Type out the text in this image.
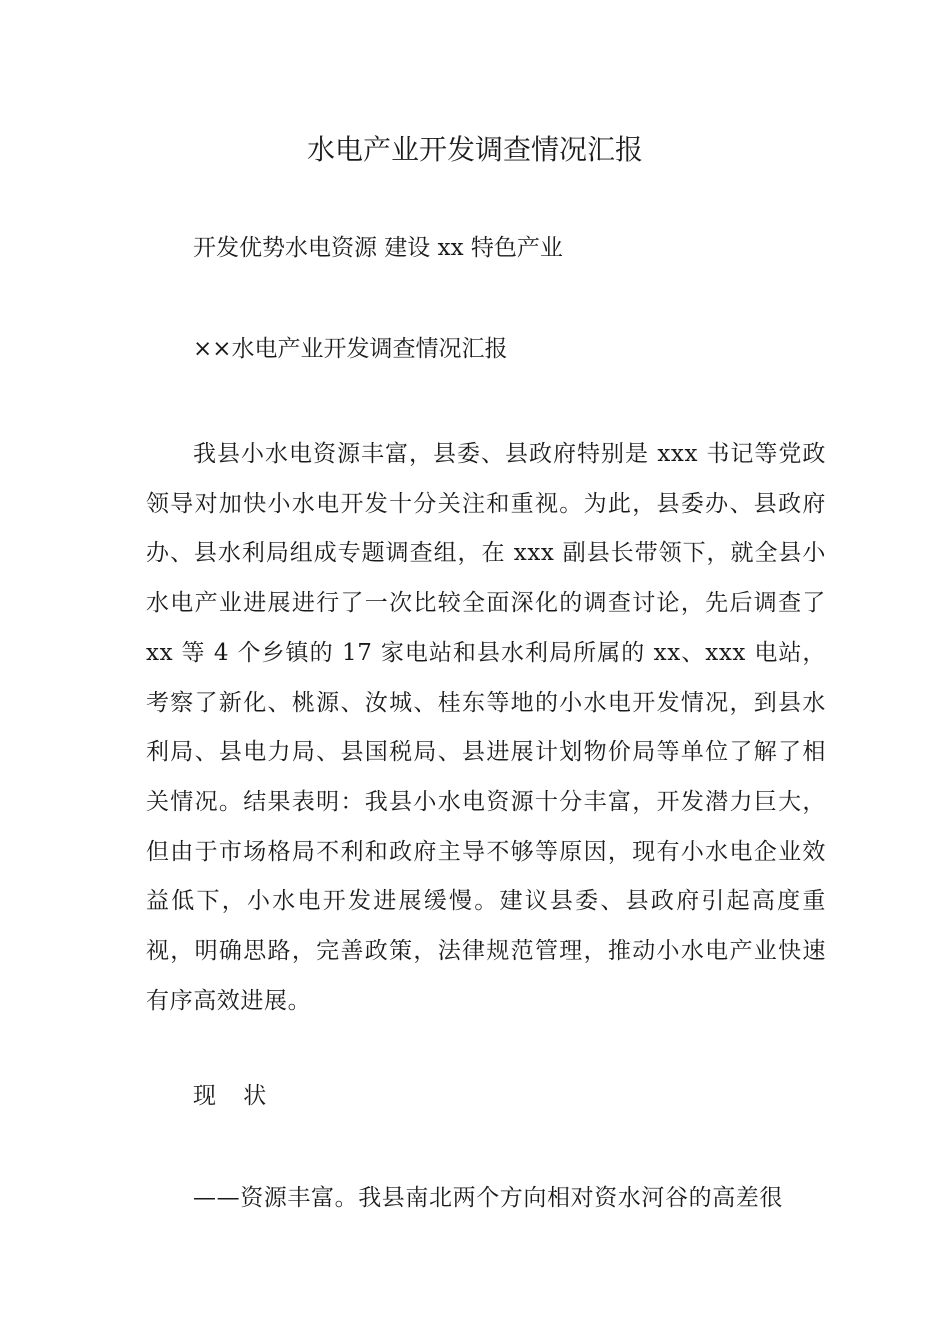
水电产业开发调查情况汇报
开发优势水电资源 建设 xx 特色产业
××水电产业开发调查情况汇报
我县小水电资源丰富，县委、县政府特别是 xxx 书记等党政领导对加快小水电开发十分关注和重视。为此，县委办、县政府办、县水利局组成专题调查组，在 xxx 副县长带领下，就全县小水电产业进展进行了一次比较全面深化的调查讨论，先后调查了 xx 等 4 个乡镇的 17 家电站和县水利局所属的 xx、xxx 电站，考察了新化、桃源、汝城、桂东等地的小水电开发情况，到县水利局、县电力局、县国税局、县进展计划物价局等单位了解了相关情况。结果表明：我县小水电资源十分丰富，开发潜力巨大，但由于市场格局不利和政府主导不够等原因，现有小水电企业效益低下，小水电开发进展缓慢。建议县委、县政府引起高度重视，明确思路，完善政策，法律规范管理，推动小水电产业快速有序高效进展。
现 状
——资源丰富。我县南北两个方向相对资水河谷的高差很
